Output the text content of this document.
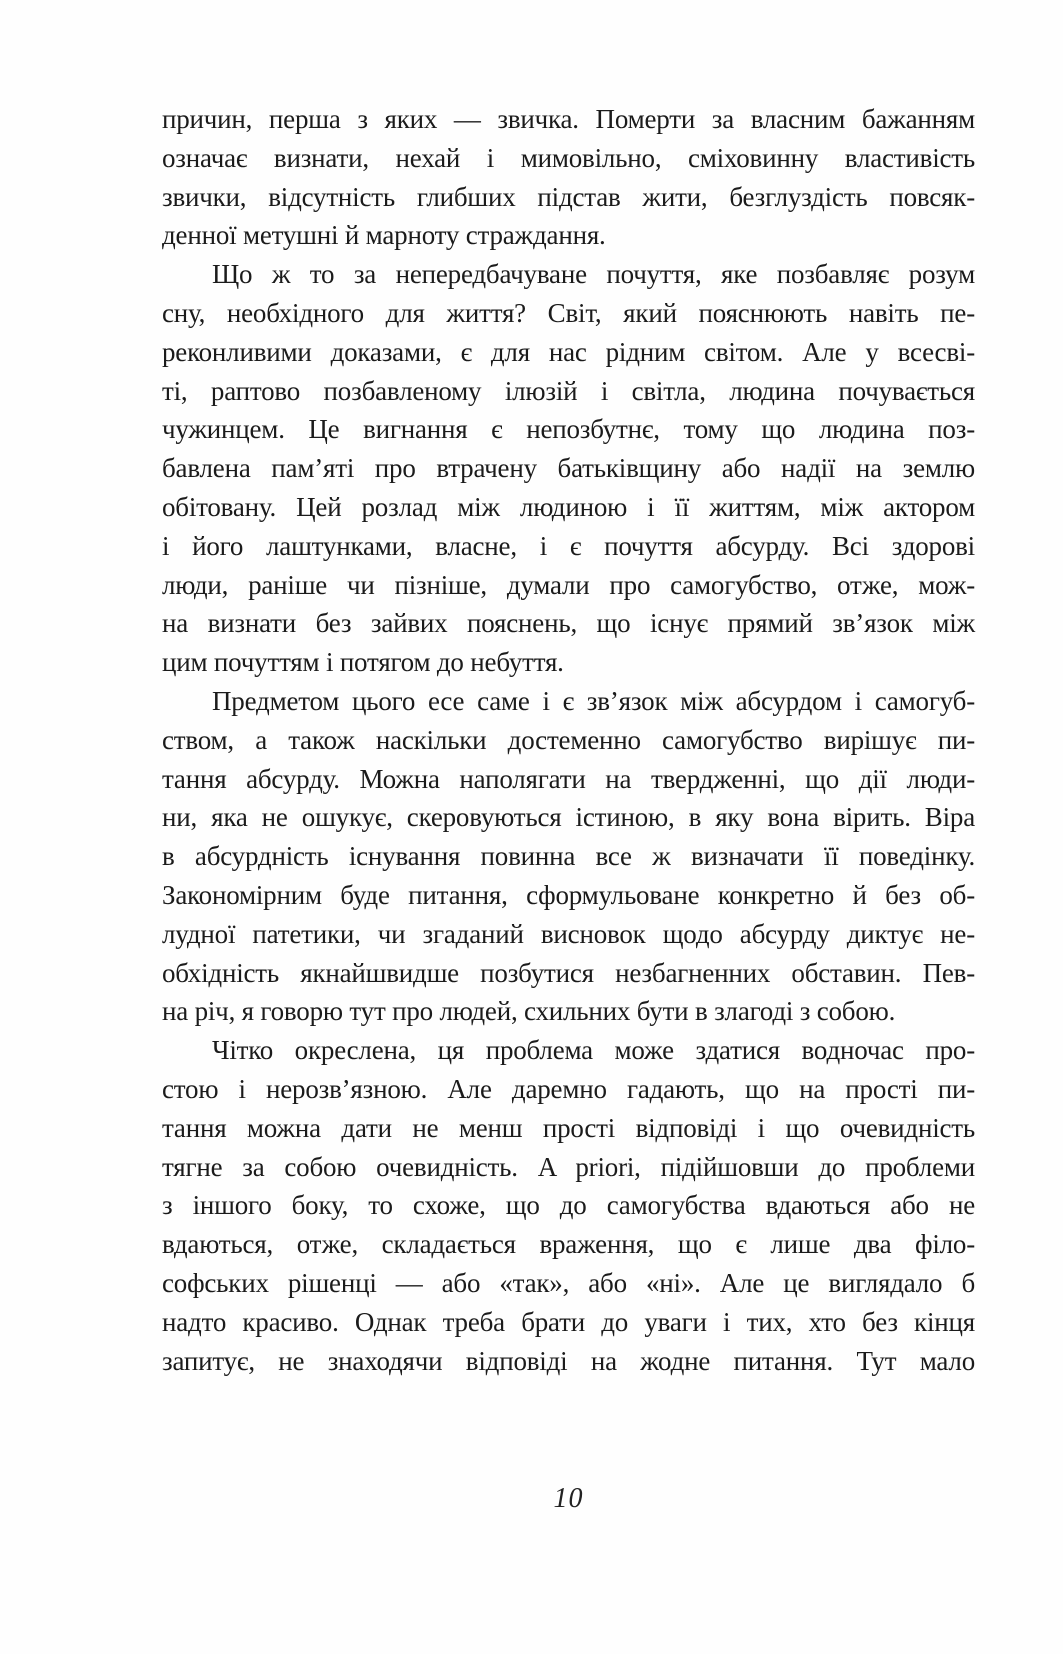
причин, перша з яких — звичка. Померти за власним бажанням
означає визнати, нехай і мимовільно, сміховинну властивість
звички, відсутність глибших підстав жити, безглуздість повсяк-
денної метушні й марноту страждання.
Що ж то за непередбачуване почуття, яке позбавляє розум
сну, необхідного для життя? Світ, який пояснюють навіть пе-
реконливими доказами, є для нас рідним світом. Але у всесві-
ті, раптово позбавленому ілюзій і світла, людина почувається
чужинцем. Це вигнання є непозбутнє, тому що людина поз-
бавлена пам’яті про втрачену батьківщину або надії на землю
обітовану. Цей розлад між людиною і її життям, між актором
і його лаштунками, власне, і є почуття абсурду. Всі здорові
люди, раніше чи пізніше, думали про самогубство, отже, мож-
на визнати без зайвих пояснень, що існує прямий зв’язок між
цим почуттям і потягом до небуття.
Предметом цього есе саме і є зв’язок між абсурдом і самогуб-
ством, а також наскільки достеменно самогубство вирішує пи-
тання абсурду. Можна наполягати на твердженні, що дії люди-
ни, яка не ошукує, скеровуються істиною, в яку вона вірить. Віра
в абсурдність існування повинна все ж визначати її поведінку.
Закономірним буде питання, сформульоване конкретно й без об-
лудної патетики, чи згаданий висновок щодо абсурду диктує не-
обхідність якнайшвидше позбутися незбагненних обставин. Пев-
на річ, я говорю тут про людей, схильних бути в злагоді з собою.
Чітко окреслена, ця проблема може здатися водночас про-
стою і нерозв’язною. Але даремно гадають, що на прості пи-
тання можна дати не менш прості відповіді і що очевидність
тягне за собою очевидність. A priori, підійшовши до проблеми
з іншого боку, то схоже, що до самогубства вдаються або не
вдаються, отже, складається враження, що є лише два філо-
софських рішенці — або «так», або «ні». Але це виглядало б
надто красиво. Однак треба брати до уваги і тих, хто без кінця
запитує, не знаходячи відповіді на жодне питання. Тут мало
10
